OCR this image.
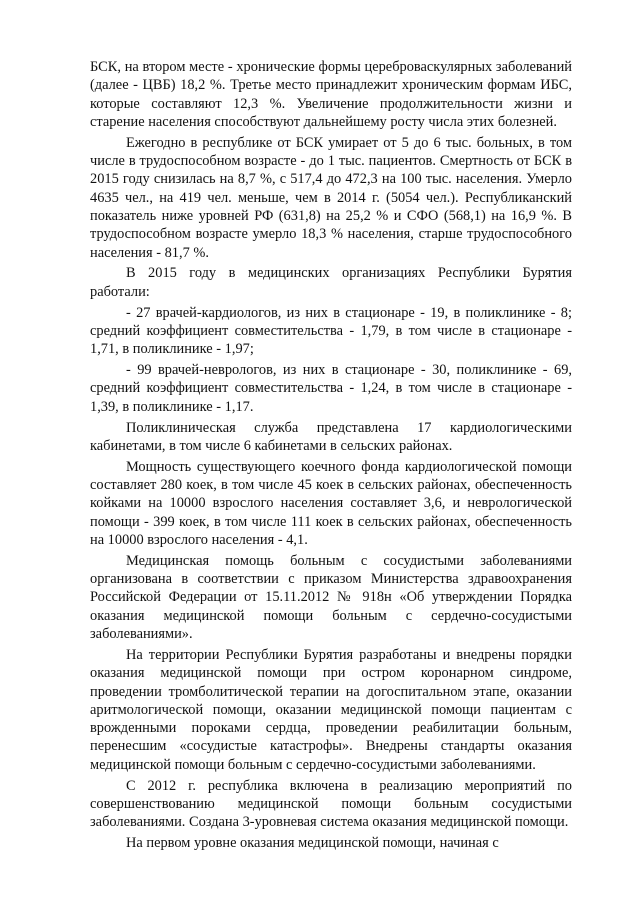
БСК, на втором месте - хронические формы цереброваскулярных заболеваний (далее - ЦВБ) 18,2 %. Третье место принадлежит хроническим формам ИБС, которые составляют 12,3 %. Увеличение продолжительности жизни и старение населения способствуют дальнейшему росту числа этих болезней.

Ежегодно в республике от БСК умирает от 5 до 6 тыс. больных, в том числе в трудоспособном возрасте - до 1 тыс. пациентов. Смертность от БСК в 2015 году снизилась на 8,7 %, с 517,4 до 472,3 на 100 тыс. населения. Умерло 4635 чел., на 419 чел. меньше, чем в 2014 г. (5054 чел.). Республиканский показатель ниже уровней РФ (631,8) на 25,2 % и СФО (568,1) на 16,9 %. В трудоспособном возрасте умерло 18,3 % населения, старше трудоспособного населения - 81,7 %.

В 2015 году в медицинских организациях Республики Бурятия работали:

- 27 врачей-кардиологов, из них в стационаре - 19, в поликлинике - 8; средний коэффициент совместительства - 1,79, в том числе в стационаре - 1,71, в поликлинике - 1,97;

- 99 врачей-неврологов, из них в стационаре - 30, поликлинике - 69, средний коэффициент совместительства - 1,24, в том числе в стационаре - 1,39, в поликлинике - 1,17.

Поликлиническая служба представлена 17 кардиологическими кабинетами, в том числе 6 кабинетами в сельских районах.

Мощность существующего коечного фонда кардиологической помощи составляет 280 коек, в том числе 45 коек в сельских районах, обеспеченность койками на 10000 взрослого населения составляет 3,6, и неврологической помощи - 399 коек, в том числе 111 коек в сельских районах, обеспеченность на 10000 взрослого населения - 4,1.

Медицинская помощь больным с сосудистыми заболеваниями организована в соответствии с приказом Министерства здравоохранения Российской Федерации от 15.11.2012 № 918н «Об утверждении Порядка оказания медицинской помощи больным с сердечно-сосудистыми заболеваниями».

На территории Республики Бурятия разработаны и внедрены порядки оказания медицинской помощи при остром коронарном синдроме, проведении тромболитической терапии на догоспитальном этапе, оказании аритмологической помощи, оказании медицинской помощи пациентам с врожденными пороками сердца, проведении реабилитации больным, перенесшим «сосудистые катастрофы». Внедрены стандарты оказания медицинской помощи больным с сердечно-сосудистыми заболеваниями.

С 2012 г. республика включена в реализацию мероприятий по совершенствованию медицинской помощи больным сосудистыми заболеваниями. Создана 3-уровневая система оказания медицинской помощи.

На первом уровне оказания медицинской помощи, начиная с
